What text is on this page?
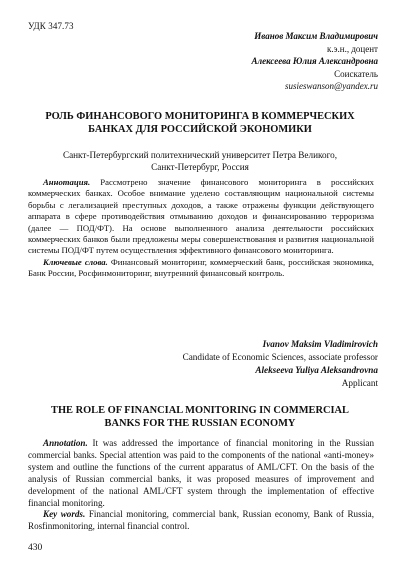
УДК 347.73
Иванов Максим Владимирович
к.э.н., доцент
Алексеева Юлия Александровна
Соискатель
susieswanson@yandex.ru
РОЛЬ ФИНАНСОВОГО МОНИТОРИНГА В КОММЕРЧЕСКИХ
БАНКАХ ДЛЯ РОССИЙСКОЙ ЭКОНОМИКИ
Санкт-Петербургский политехнический университет Петра Великого,
Санкт-Петербург, Россия
Аннотация. Рассмотрено значение финансового мониторинга в российских коммерческих банках. Особое внимание уделено составляющим национальной системы борьбы с легализацией преступных доходов, а также отражены функции действующего аппарата в сфере противодействия отмыванию доходов и финансированию терроризма (далее — ПОД/ФТ). На основе выполненного анализа деятельности российских коммерческих банков были предложены меры совершенствования и развития национальной системы ПОД/ФТ путем осуществления эффективного финансового мониторинга.
Ключевые слова. Финансовый мониторинг, коммерческий банк, российская экономика, Банк России, Росфинмониторинг, внутренний финансовый контроль.
Ivanov Maksim Vladimirovich
Candidate of Economic Sciences, associate professor
Alekseeva Yuliya Aleksandrovna
Applicant
THE ROLE OF FINANCIAL MONITORING IN COMMERCIAL
BANKS FOR THE RUSSIAN ECONOMY
Annotation. It was addressed the importance of financial monitoring in the Russian commercial banks. Special attention was paid to the components of the national «anti-money» system and outline the functions of the current apparatus of AML/CFT. On the basis of the analysis of Russian commercial banks, it was proposed measures of improvement and development of the national AML/CFT system through the implementation of effective financial monitoring.
Key words. Financial monitoring, commercial bank, Russian economy, Bank of Russia, Rosfinmonitoring, internal financial control.
430
